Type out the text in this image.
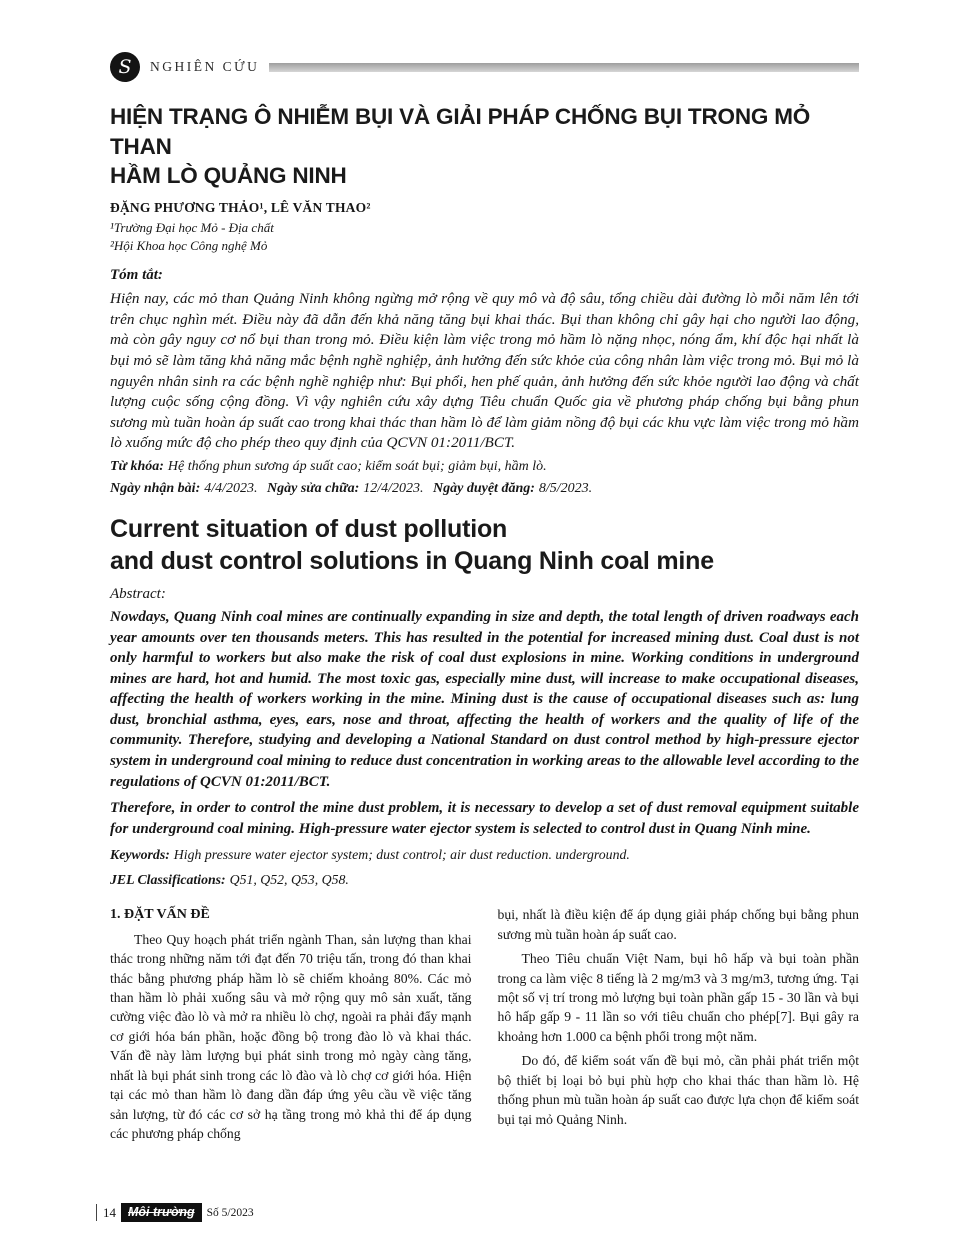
S	NGHIÊN CỨU
HIỆN TRẠNG Ô NHIỄM BỤI VÀ GIẢI PHÁP CHỐNG BỤI TRONG MỎ THAN
HẦM LÒ QUẢNG NINH
ĐẶNG PHƯƠNG THẢO¹, LÊ VĂN THAO²
¹Trường Đại học Mỏ - Địa chất
²Hội Khoa học Công nghệ Mỏ
Tóm tắt:
Hiện nay, các mỏ than Quảng Ninh không ngừng mở rộng về quy mô và độ sâu, tổng chiều dài đường lò mỗi năm lên tới trên chục nghìn mét. Điều này đã dẫn đến khả năng tăng bụi khai thác. Bụi than không chỉ gây hại cho người lao động, mà còn gây nguy cơ nổ bụi than trong mỏ. Điều kiện làm việc trong mỏ hầm lò nặng nhọc, nóng ẩm, khí độc hại nhất là bụi mỏ sẽ làm tăng khả năng mắc bệnh nghề nghiệp, ảnh hưởng đến sức khỏe của công nhân làm việc trong mỏ. Bụi mỏ là nguyên nhân sinh ra các bệnh nghề nghiệp như: Bụi phổi, hen phế quản, ảnh hưởng đến sức khỏe người lao động và chất lượng cuộc sống cộng đồng. Vì vậy nghiên cứu xây dựng Tiêu chuẩn Quốc gia về phương pháp chống bụi bằng phun sương mù tuần hoàn áp suất cao trong khai thác than hầm lò để làm giảm nồng độ bụi các khu vực làm việc trong mỏ hầm lò xuống mức độ cho phép theo quy định của QCVN 01:2011/BCT.
Từ khóa: Hệ thống phun sương áp suất cao; kiểm soát bụi; giảm bụi, hầm lò.
Ngày nhận bài: 4/4/2023. Ngày sửa chữa: 12/4/2023. Ngày duyệt đăng: 8/5/2023.
Current situation of dust pollution
and dust control solutions in Quang Ninh coal mine
Abstract:
Nowdays, Quang Ninh coal mines are continually expanding in size and depth, the total length of driven roadways each year amounts over ten thousands meters. This has resulted in the potential for increased mining dust. Coal dust is not only harmful to workers but also make the risk of coal dust explosions in mine. Working conditions in underground mines are hard, hot and humid. The most toxic gas, especially mine dust, will increase to make occupational diseases, affecting the health of workers working in the mine. Mining dust is the cause of occupational diseases such as: lung dust, bronchial asthma, eyes, ears, nose and throat, affecting the health of workers and the quality of life of the community. Therefore, studying and developing a National Standard on dust control method by high-pressure ejector system in underground coal mining to reduce dust concentration in working areas to the allowable level according to the regulations of QCVN 01:2011/BCT.
Therefore, in order to control the mine dust problem, it is necessary to develop a set of dust removal equipment suitable for underground coal mining. High-pressure water ejector system is selected to control dust in Quang Ninh mine.
Keywords: High pressure water ejector system; dust control; air dust reduction. underground.
JEL Classifications: Q51, Q52, Q53, Q58.

1. ĐẶT VẤN ĐỀ

Theo Quy hoạch phát triển ngành Than, sản lượng than khai thác trong những năm tới đạt đến 70 triệu tấn, trong đó than khai thác bằng phương pháp hầm lò sẽ chiếm khoảng 80%. Các mỏ than hầm lò phải xuống sâu và mở rộng quy mô sản xuất, tăng cường việc đào lò và mở ra nhiều lò chợ, ngoài ra phải đẩy mạnh cơ giới hóa bán phần, hoặc đồng bộ trong đào lò và khai thác. Vấn đề này làm lượng bụi phát sinh trong mỏ ngày càng tăng, nhất là bụi phát sinh trong các lò đào và lò chợ cơ giới hóa. Hiện tại các mỏ than hầm lò đang dần đáp ứng yêu cầu về việc tăng sản lượng, từ đó các cơ sở hạ tầng trong mỏ khả thi để áp dụng các phương pháp chống

bụi, nhất là điều kiện để áp dụng giải pháp chống bụi bằng phun sương mù tuần hoàn áp suất cao.

Theo Tiêu chuẩn Việt Nam, bụi hô hấp và bụi toàn phần trong ca làm việc 8 tiếng là 2 mg/m3 và 3 mg/m3, tương ứng. Tại một số vị trí trong mỏ lượng bụi toàn phần gấp 15 - 30 lần và bụi hô hấp gấp 9 - 11 lần so với tiêu chuẩn cho phép[7]. Bụi gây ra khoảng hơn 1.000 ca bệnh phổi trong một năm.

Do đó, để kiểm soát vấn đề bụi mỏ, cần phải phát triển một bộ thiết bị loại bỏ bụi phù hợp cho khai thác than hầm lò. Hệ thống phun mù tuần hoàn áp suất cao được lựa chọn để kiểm soát bụi tại mỏ Quảng Ninh.

14 Môi trường	Số 5/2023
